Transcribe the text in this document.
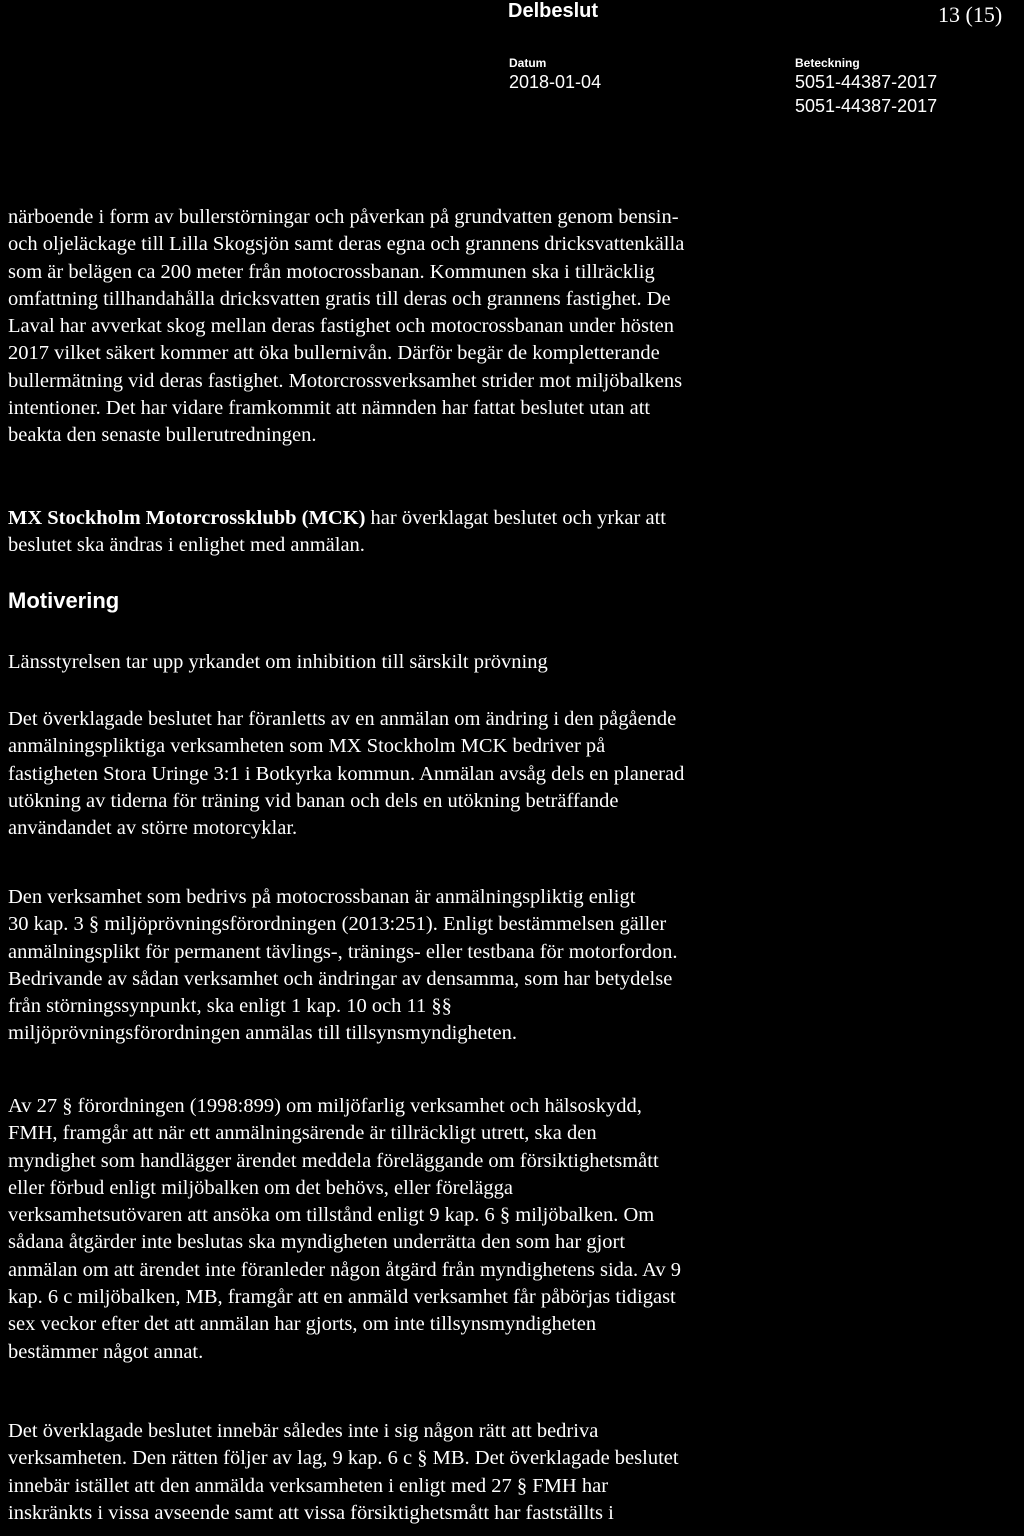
Delbeslut	13 (15)
Datum
2018-01-04
Beteckning
5051-44387-2017
5051-44387-2017
närboende i form av bullerstörningar och påverkan på grundvatten genom bensin-
och oljeläckage till Lilla Skogsjön samt deras egna och grannens dricksvattenkälla
som är belägen ca 200 meter från motocrossbanan. Kommunen ska i tillräcklig
omfattning tillhandahålla dricksvatten gratis till deras och grannens fastighet. De
Laval har avverkat skog mellan deras fastighet och motocrossbanan under hösten
2017 vilket säkert kommer att öka bullernivån. Därför begär de kompletterande
bullermätning vid deras fastighet. Motorcrossverksamhet strider mot miljöbalkens
intentioner. Det har vidare framkommit att nämnden har fattat beslutet utan att
beakta den senaste bullerutredningen.
MX Stockholm Motorcrossklubb (MCK) har överklagat beslutet och yrkar att
beslutet ska ändras i enlighet med anmälan.
Motivering
Länsstyrelsen tar upp yrkandet om inhibition till särskilt prövning
Det överklagade beslutet har föranletts av en anmälan om ändring i den pågående
anmälningspliktiga verksamheten som MX Stockholm MCK bedriver på
fastigheten Stora Uringe 3:1 i Botkyrka kommun. Anmälan avsåg dels en planerad
utökning av tiderna för träning vid banan och dels en utökning beträffande
användandet av större motorcyklar.
Den verksamhet som bedrivs på motocrossbanan är anmälningspliktig enligt
30 kap. 3 § miljöprövningsförordningen (2013:251). Enligt bestämmelsen gäller
anmälningsplikt för permanent tävlings-, tränings- eller testbana för motorfordon.
Bedrivande av sådan verksamhet och ändringar av densamma, som har betydelse
från störningssynpunkt, ska enligt 1 kap. 10 och 11 §§
miljöprövningsförordningen anmälas till tillsynsmyndigheten.
Av 27 § förordningen (1998:899) om miljöfarlig verksamhet och hälsoskydd,
FMH, framgår att när ett anmälningsärende är tillräckligt utrett, ska den
myndighet som handlägger ärendet meddela föreläggande om försiktighetsmått
eller förbud enligt miljöbalken om det behövs, eller förelägga
verksamhetsutövaren att ansöka om tillstånd enligt 9 kap. 6 § miljöbalken. Om
sådana åtgärder inte beslutas ska myndigheten underrätta den som har gjort
anmälan om att ärendet inte föranleder någon åtgärd från myndighetens sida. Av 9
kap. 6 c miljöbalken, MB, framgår att en anmäld verksamhet får påbörjas tidigast
sex veckor efter det att anmälan har gjorts, om inte tillsynsmyndigheten
bestämmer något annat.
Det överklagade beslutet innebär således inte i sig någon rätt att bedriva
verksamheten. Den rätten följer av lag, 9 kap. 6 c § MB. Det överklagade beslutet
innebär istället att den anmälda verksamheten i enligt med 27 § FMH har
inskränkts i vissa avseende samt att vissa försiktighetsmått har fastställts i
